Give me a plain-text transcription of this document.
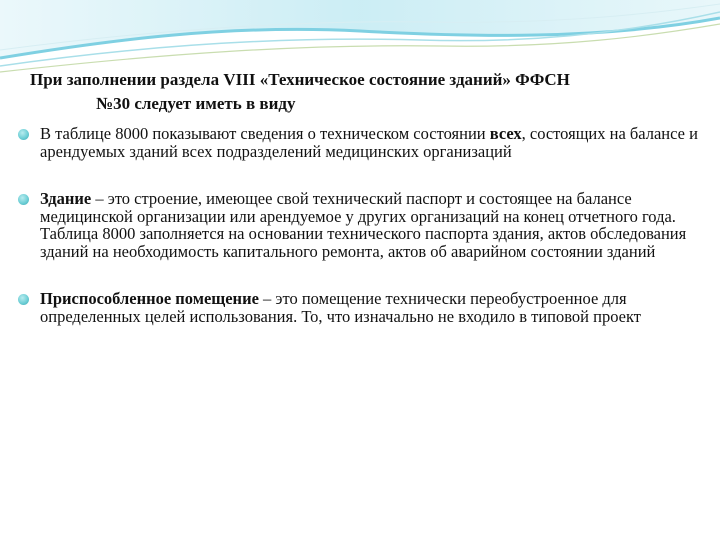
При заполнении раздела VIII «Техническое состояние зданий» ФФСН
№30 следует иметь в виду
В таблице 8000 показывают сведения о техническом состоянии всех, состоящих на балансе и арендуемых зданий всех подразделений медицинских организаций
Здание – это строение, имеющее свой технический паспорт и состоящее на балансе медицинской организации или арендуемое у других организаций на конец отчетного года. Таблица 8000 заполняется на основании технического паспорта здания, актов обследования зданий на необходимость капитального ремонта, актов об аварийном состоянии зданий
Приспособленное помещение – это помещение технически переобустроенное для определенных целей использования. То, что изначально не входило в типовой проект
